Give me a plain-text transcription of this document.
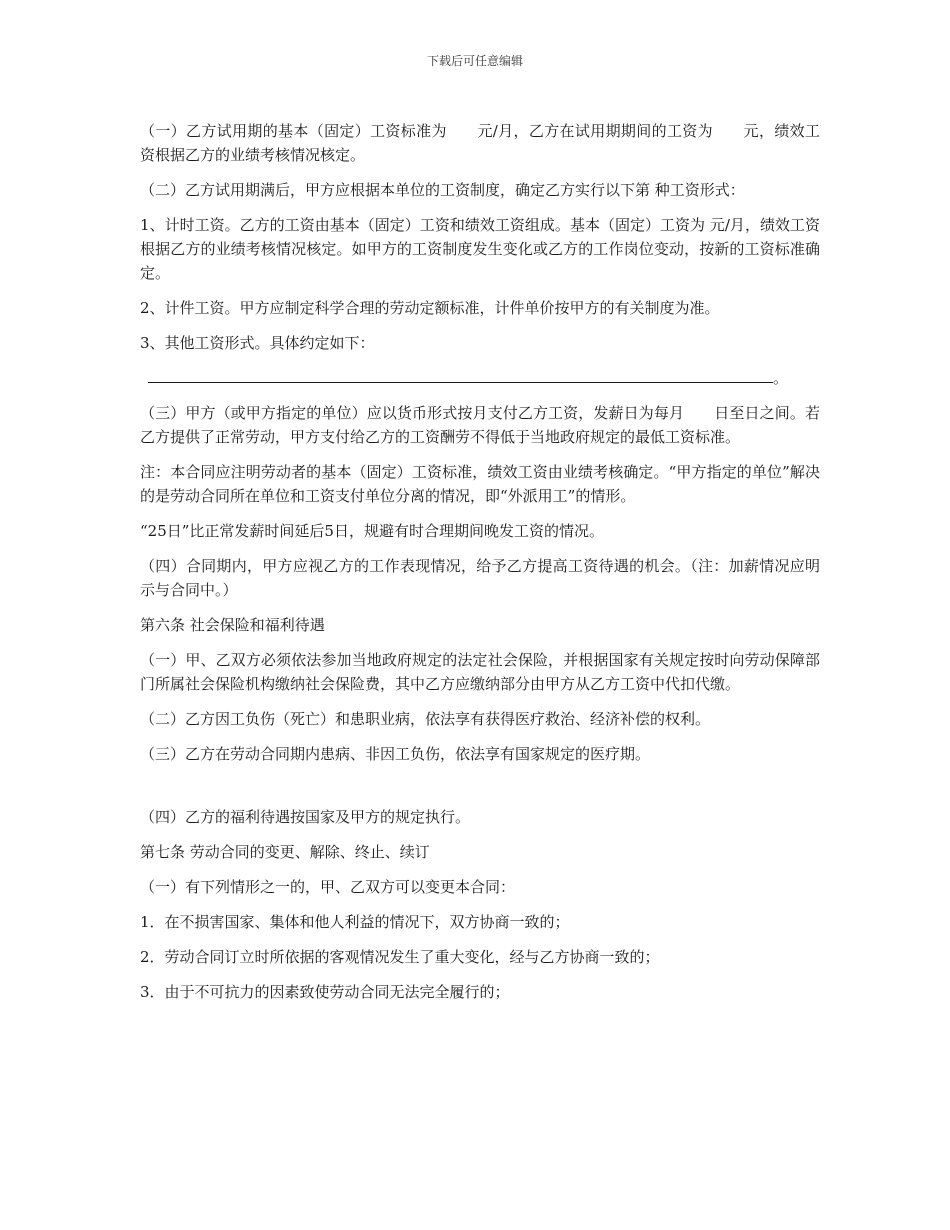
下载后可任意编辑

（一）乙方试用期的基本（固定）工资标准为　　元/月，乙方在试用期期间的工资为　　元，绩效工资根据乙方的业绩考核情况核定。

（二）乙方试用期满后，甲方应根据本单位的工资制度，确定乙方实行以下第 种工资形式：

1、计时工资。乙方的工资由基本（固定）工资和绩效工资组成。基本（固定）工资为 元/月，绩效工资根据乙方的业绩考核情况核定。如甲方的工资制度发生变化或乙方的工作岗位变动，按新的工资标准确定。

2、计件工资。甲方应制定科学合理的劳动定额标准，计件单价按甲方的有关制度为准。

3、其他工资形式。具体约定如下：

。

（三）甲方（或甲方指定的单位）应以货币形式按月支付乙方工资，发薪日为每月　　日至日之间。若乙方提供了正常劳动，甲方支付给乙方的工资酬劳不得低于当地政府规定的最低工资标准。

注：本合同应注明劳动者的基本（固定）工资标准，绩效工资由业绩考核确定。“甲方指定的单位”解决的是劳动合同所在单位和工资支付单位分离的情况，即“外派用工”的情形。

“25日”比正常发薪时间延后5日，规避有时合理期间晚发工资的情况。

（四）合同期内，甲方应视乙方的工作表现情况，给予乙方提高工资待遇的机会。（注：加薪情况应明示与合同中。）

第六条 社会保险和福利待遇

（一）甲、乙双方必须依法参加当地政府规定的法定社会保险，并根据国家有关规定按时向劳动保障部门所属社会保险机构缴纳社会保险费，其中乙方应缴纳部分由甲方从乙方工资中代扣代缴。

（二）乙方因工负伤（死亡）和患职业病，依法享有获得医疗救治、经济补偿的权利。

（三）乙方在劳动合同期内患病、非因工负伤，依法享有国家规定的医疗期。

（四）乙方的福利待遇按国家及甲方的规定执行。

第七条 劳动合同的变更、解除、终止、续订

（一）有下列情形之一的，甲、乙双方可以变更本合同：

1．在不损害国家、集体和他人利益的情况下，双方协商一致的；

2．劳动合同订立时所依据的客观情况发生了重大变化，经与乙方协商一致的；

3．由于不可抗力的因素致使劳动合同无法完全履行的；
